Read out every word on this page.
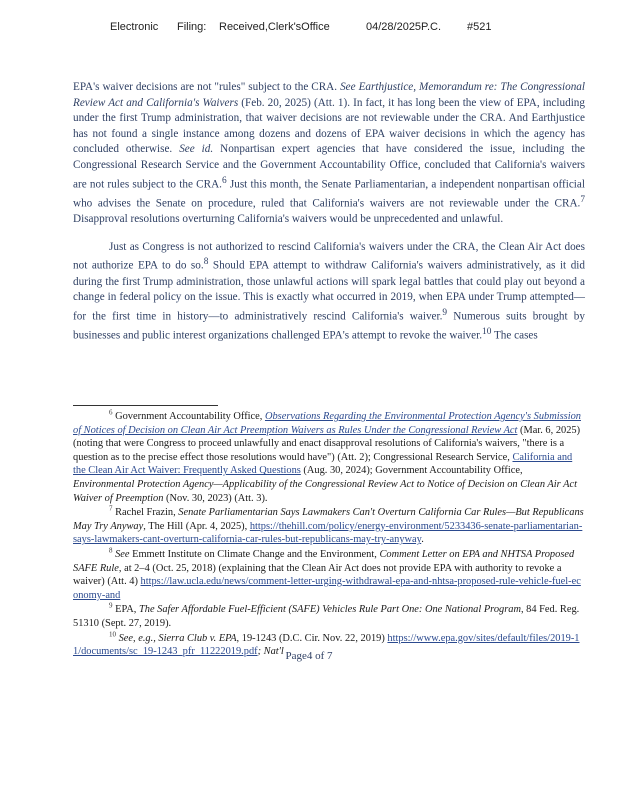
Electronic Filing: Received,Clerk'sOffice	04/28/2025P.C. #521

EPA's waiver decisions are not "rules" subject to the CRA. See Earthjustice, Memorandum re: The Congressional Review Act and California's Waivers (Feb. 20, 2025) (Att. 1). In fact, it has long been the view of EPA, including under the first Trump administration, that waiver decisions are not reviewable under the CRA. And Earthjustice has not found a single instance among dozens and dozens of EPA waiver decisions in which the agency has concluded otherwise. See id. Nonpartisan expert agencies that have considered the issue, including the Congressional Research Service and the Government Accountability Office, concluded that California's waivers are not rules subject to the CRA.$^6$ Just this month, the Senate Parliamentarian, a independent nonpartisan official who advises the Senate on procedure, ruled that California's waivers are not reviewable under the CRA.$^7$ Disapproval resolutions overturning California's waivers would be unprecedented and unlawful.

Just as Congress is not authorized to rescind California's waivers under the CRA, the Clean Air Act does not authorize EPA to do so.$^8$ Should EPA attempt to withdraw California's waivers administratively, as it did during the first Trump administration, those unlawful actions will spark legal battles that could play out beyond a change in federal policy on the issue. This is exactly what occurred in 2019, when EPA under Trump attempted—for the first time in history—to administratively rescind California's waiver.$^9$ Numerous suits brought by businesses and public interest organizations challenged EPA's attempt to revoke the waiver.$^{10}$ The cases

$^6$ Government Accountability Office, Observations Regarding the Environmental Protection Agency's Submission of Notices of Decision on Clean Air Act Preemption Waivers as Rules Under the Congressional Review Act (Mar. 6, 2025) (noting that were Congress to proceed unlawfully and enact disapproval resolutions of California's waivers, "there is a question as to the precise effect those resolutions would have") (Att. 2); Congressional Research Service, California and the Clean Air Act Waiver: Frequently Asked Questions (Aug. 30, 2024); Government Accountability Office, Environmental Protection Agency—Applicability of the Congressional Review Act to Notice of Decision on Clean Air Act Waiver of Preemption (Nov. 30, 2023) (Att. 3).
$^7$ Rachel Frazin, Senate Parliamentarian Says Lawmakers Can't Overturn California Car Rules—But Republicans May Try Anyway, The Hill (Apr. 4, 2025), https://thehill.com/policy/energy-environment/5233436-senate-parliamentarian-says-lawmakers-cant-overturn-california-car-rules-but-republicans-may-try-anyway.
$^8$ See Emmett Institute on Climate Change and the Environment, Comment Letter on EPA and NHTSA Proposed SAFE Rule, at 2–4 (Oct. 25, 2018) (explaining that the Clean Air Act does not provide EPA with authority to revoke a waiver) (Att. 4) https://law.ucla.edu/news/comment-letter-urging-withdrawal-epa-and-nhtsa-proposed-rule-vehicle-fuel-economy-and
$^9$ EPA, The Safer Affordable Fuel-Efficient (SAFE) Vehicles Rule Part One: One National Program, 84 Fed. Reg. 51310 (Sept. 27, 2019).
$^{10}$ See, e.g., Sierra Club v. EPA, 19-1243 (D.C. Cir. Nov. 22, 2019) https://www.epa.gov/sites/default/files/2019-11/documents/sc_19-1243_pfr_11222019.pdf; Nat'l Page4 of 7
